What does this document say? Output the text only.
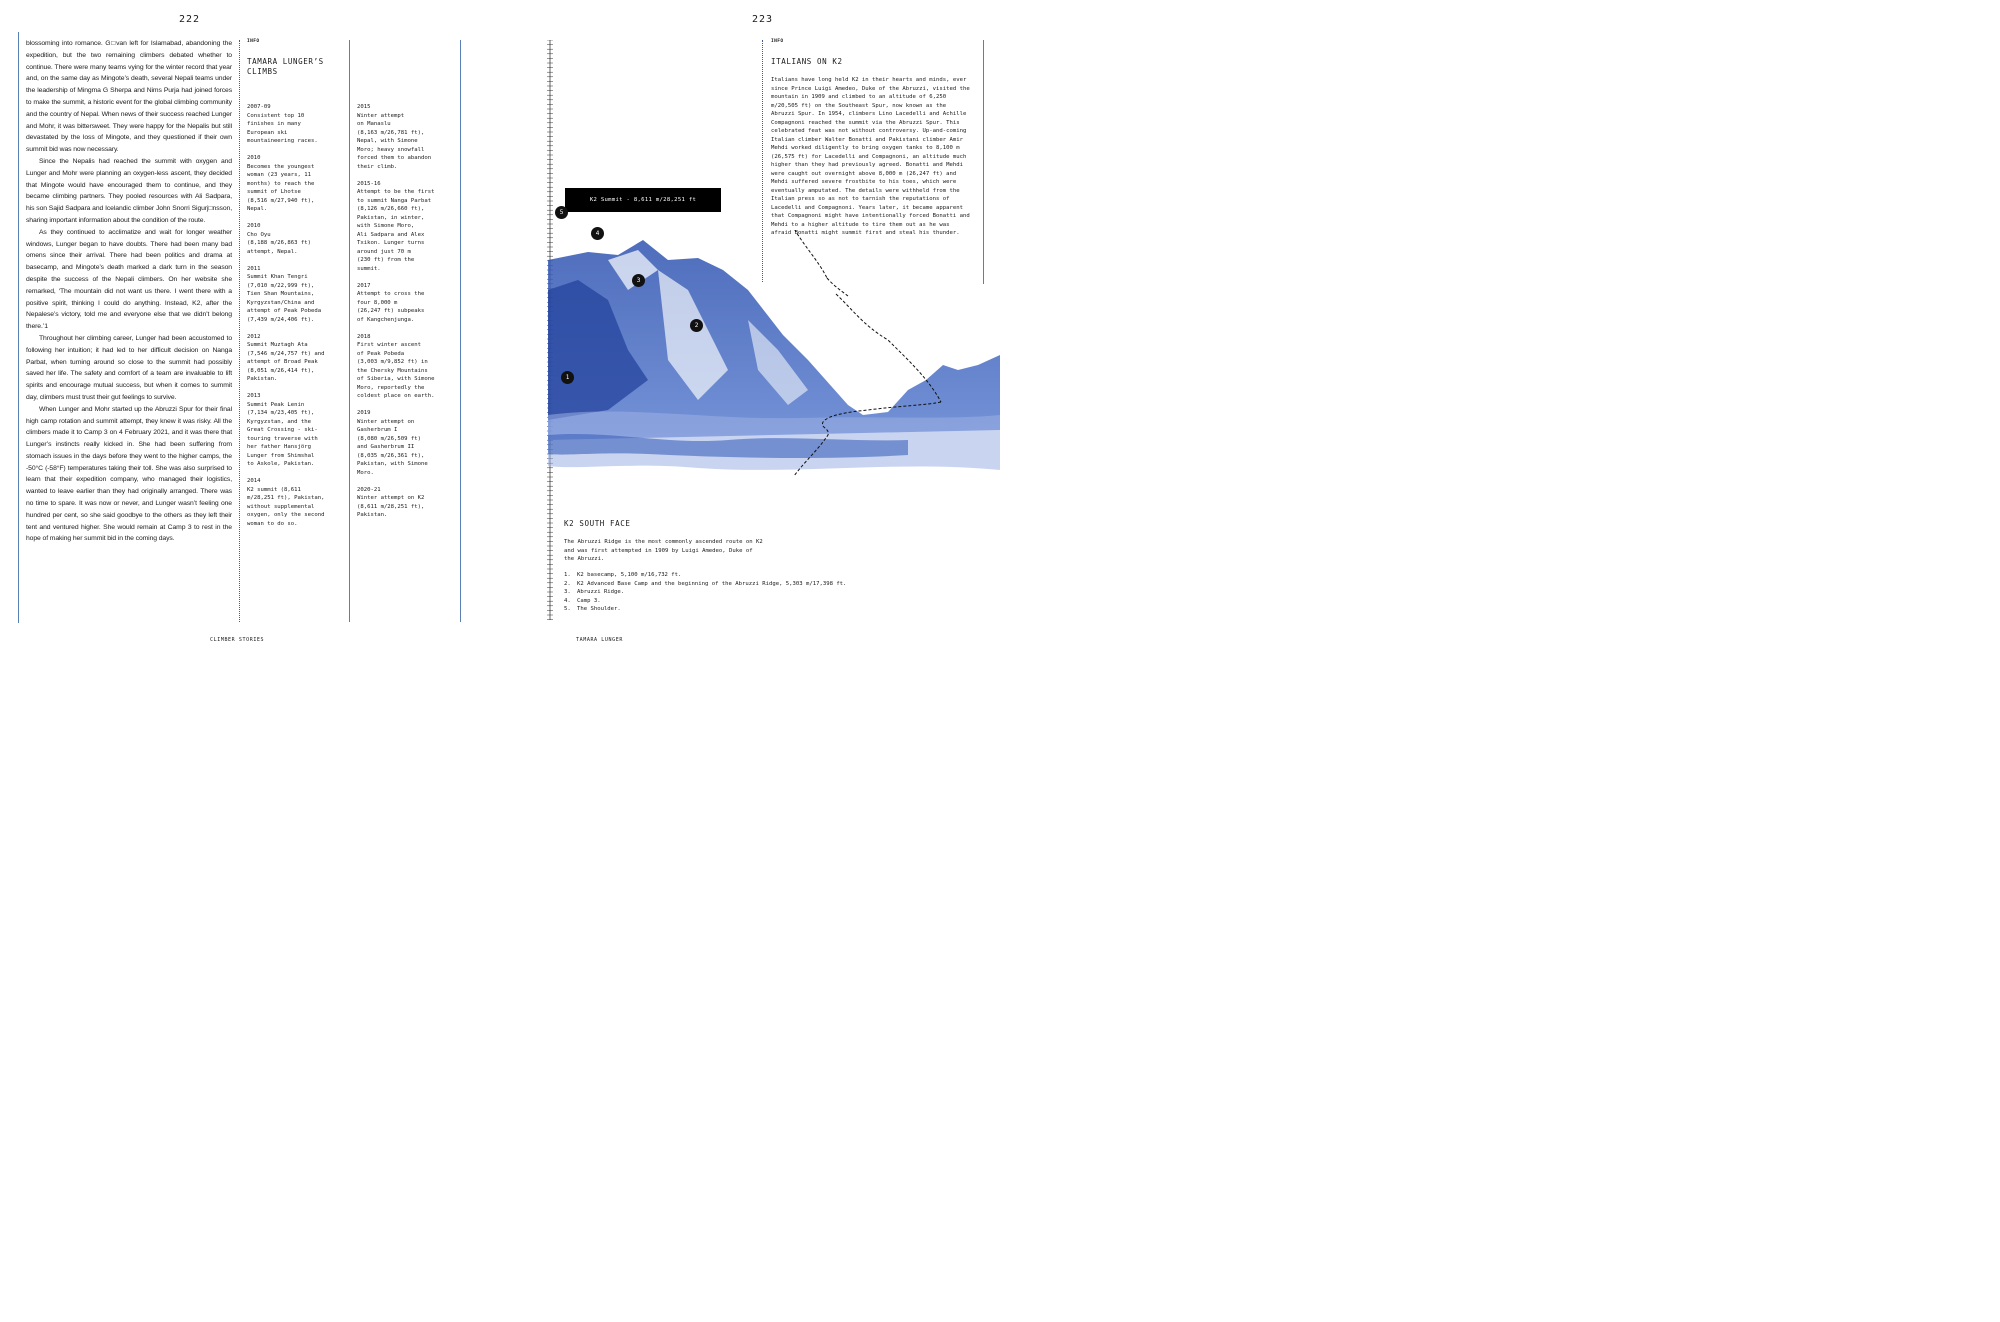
222

blossoming into romance. G□van left for Islamabad, abandoning the expedition, but the two remaining climbers debated whether to continue. There were many teams vying for the winter record that year and, on the same day as Mingote’s death, several Nepali teams under the leadership of Mingma G Sherpa and Nims Purja had joined forces to make the summit, a historic event for the global climbing community and the country of Nepal. When news of their success reached Lunger and Mohr, it was bittersweet. They were happy for the Nepalis but still devastated by the loss of Mingote, and they questioned if their own summit bid was now necessary.

Since the Nepalis had reached the summit with oxygen and Lunger and Mohr were planning an oxygen-less ascent, they decided that Mingote would have encouraged them to continue, and they became climbing partners. They pooled resources with Ali Sadpara, his son Sajid Sadpara and Icelandic climber John Snorri Sigurj□nsson, sharing important information about the condition of the route.

As they continued to acclimatize and wait for longer weather windows, Lunger began to have doubts. There had been many bad omens since their arrival. There had been politics and drama at basecamp, and Mingote’s death marked a dark turn in the season despite the success of the Nepali climbers. On her website she remarked, ‘The mountain did not want us there. I went there with a positive spirit, thinking I could do anything. Instead, K2, after the Nepalese’s victory, told me and everyone else that we didn’t belong there.’1

Throughout her climbing career, Lunger had been accustomed to following her intuition; it had led to her difficult decision on Nanga Parbat, when turning around so close to the summit had possibly saved her life. The safety and comfort of a team are invaluable to lift spirits and encourage mutual success, but when it comes to summit day, climbers must trust their gut feelings to survive.

When Lunger and Mohr started up the Abruzzi Spur for their final high camp rotation and summit attempt, they knew it was risky. All the climbers made it to Camp 3 on 4 February 2021, and it was there that Lunger’s instincts really kicked in. She had been suffering from stomach issues in the days before they went to the higher camps, the -50°C (-58°F) temperatures taking their toll. She was also surprised to learn that their expedition company, who managed their logistics, wanted to leave earlier than they had originally arranged. There was no time to spare. It was now or never, and Lunger wasn’t feeling one hundred per cent, so she said goodbye to the others as they left their tent and ventured higher. She would remain at Camp 3 to rest in the hope of making her summit bid in the coming days.

INFO
TAMARA LUNGER’S CLIMBS
2007-09
Consistent top 10
finishes in many
European ski
mountaineering races.
2010
Becomes the youngest
woman (23 years, 11
months) to reach the
summit of Lhotse
(8,516 m/27,940 ft),
Nepal.
2010
Cho Oyu
(8,188 m/26,863 ft)
attempt, Nepal.
2011
Summit Khan Tengri
(7,010 m/22,999 ft),
Tien Shan Mountains,
Kyrgyzstan/China and
attempt of Peak Pobeda
(7,439 m/24,406 ft).
2012
Summit Muztagh Ata
(7,546 m/24,757 ft) and
attempt of Broad Peak
(8,051 m/26,414 ft),
Pakistan.
2013
Summit Peak Lenin
(7,134 m/23,405 ft),
Kyrgyzstan, and the
Great Crossing - ski-
touring traverse with
her father Hansjörg
Lunger from Shimshal
to Askole, Pakistan.
2014
K2 summit (8,611
m/28,251 ft), Pakistan,
without supplemental
oxygen, only the second
woman to do so.
2015
Winter attempt
on Manaslu
(8,163 m/26,781 ft),
Nepal, with Simone
Moro; heavy snowfall
forced them to abandon
their climb.
2015-16
Attempt to be the first
to summit Nanga Parbat
(8,126 m/26,660 ft),
Pakistan, in winter,
with Simone Moro,
Ali Sadpara and Alex
Txikon. Lunger turns
around just 70 m
(230 ft) from the
summit.
2017
Attempt to cross the
four 8,000 m
(26,247 ft) subpeaks
of Kangchenjunga.
2018
First winter ascent
of Peak Pobeda
(3,003 m/9,852 ft) in
the Chersky Mountains
of Siberia, with Simone
Moro, reportedly the
coldest place on earth.
2019
Winter attempt on
Gasherbrum I
(8,080 m/26,509 ft)
and Gasherbrum II
(8,035 m/26,361 ft),
Pakistan, with Simone
Moro.
2020-21
Winter attempt on K2
(8,611 m/28,251 ft),
Pakistan.
CLIMBER STORIES
223
INFO
ITALIANS ON K2
Italians have long held K2 in their hearts and minds, ever since Prince Luigi Amedeo, Duke of the Abruzzi, visited the mountain in 1909 and climbed to an altitude of 6,250 m/20,505 ft) on the Southeast Spur, now known as the Abruzzi Spur. In 1954, climbers Lino Lacedelli and Achille Compagnoni reached the summit via the Abruzzi Spur. This celebrated feat was not without controversy. Up-and-coming Italian climber Walter Bonatti and Pakistani climber Amir Mehdi worked diligently to bring oxygen tanks to 8,100 m (26,575 ft) for Lacedelli and Compagnoni, an altitude much higher than they had previously agreed. Bonatti and Mehdi were caught out overnight above 8,000 m (26,247 ft) and Mehdi suffered severe frostbite to his toes, which were eventually amputated. The details were withheld from the Italian press so as not to tarnish the reputations of Lacedelli and Compagnoni. Years later, it became apparent that Compagnoni might have intentionally forced Bonatti and Mehdi to a higher altitude to tire them out as he was afraid Bonatti might summit first and steal his thunder.
K2 Summit - 8,611 m/28,251 ft
1
2
3
4
5
K2 SOUTH FACE
The Abruzzi Ridge is the most commonly ascended route on K2 and was first attempted in 1909 by Luigi Amedeo, Duke of the Abruzzi.
1.	K2 basecamp, 5,100 m/16,732 ft.
2.	K2 Advanced Base Camp and the beginning of the Abruzzi Ridge, 5,303 m/17,398 ft.
3.	Abruzzi Ridge.
4.	Camp 3.
5.	The Shoulder.
TAMARA LUNGER
